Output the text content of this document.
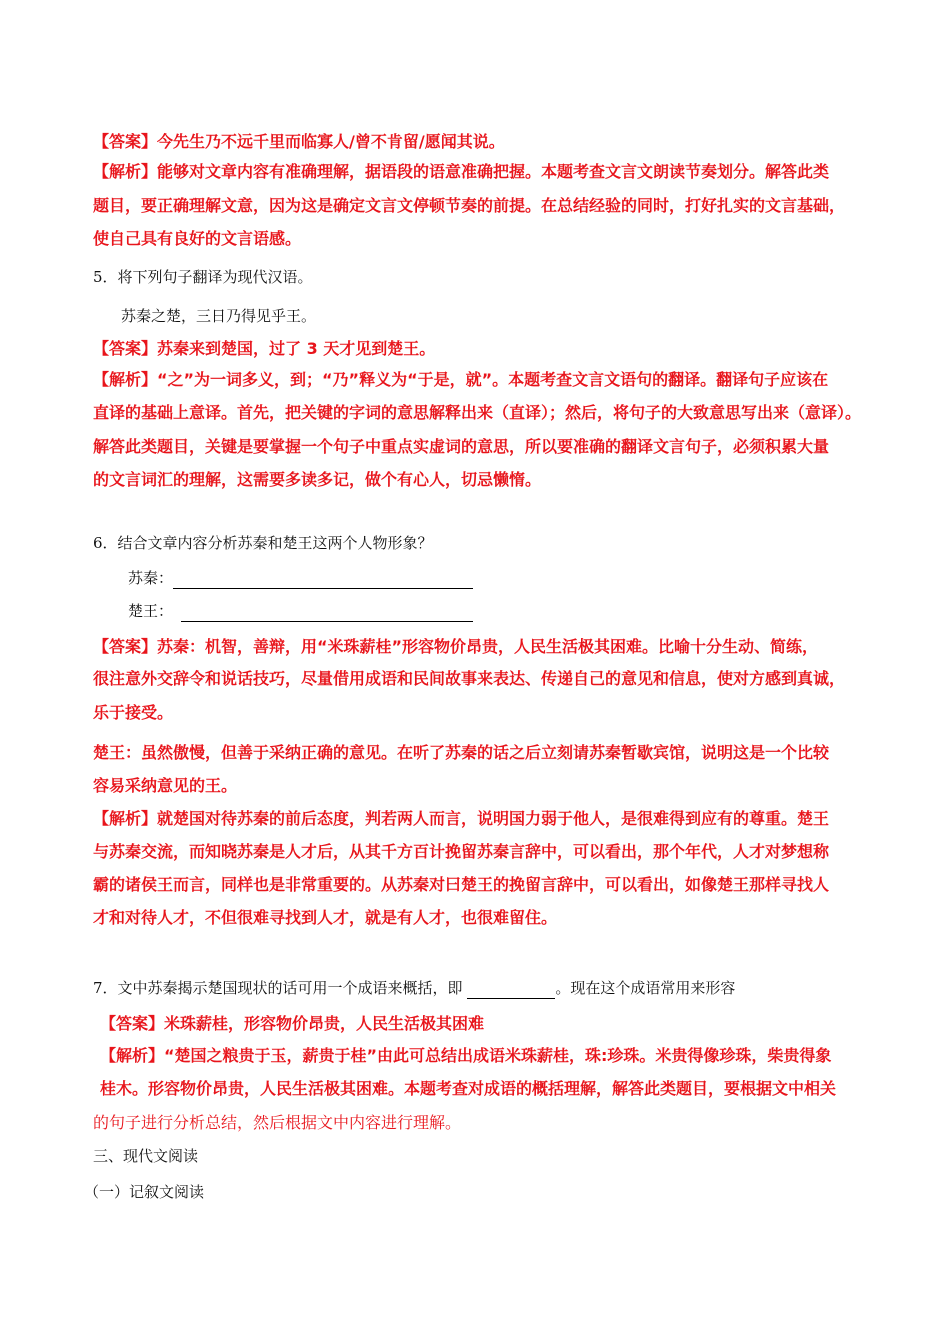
【答案】今先生乃不远千里而临寡人/曾不肯留/愿闻其说。
【解析】能够对文章内容有准确理解，据语段的语意准确把握。本题考查文言文朗读节奏划分。解答此类
题目，要正确理解文意，因为这是确定文言文停顿节奏的前提。在总结经验的同时，打好扎实的文言基础，
使自己具有良好的文言语感。
5．将下列句子翻译为现代汉语。
苏秦之楚，三日乃得见乎王。
【答案】苏秦来到楚国，过了 3 天才见到楚王。
【解析】“之”为一词多义，到；“乃”释义为“于是，就”。本题考查文言文语句的翻译。翻译句子应该在
直译的基础上意译。首先，把关键的字词的意思解释出来（直译）；然后，将句子的大致意思写出来（意译）。
解答此类题目，关键是要掌握一个句子中重点实虚词的意思，所以要准确的翻译文言句子，必须积累大量
的文言词汇的理解，这需要多读多记，做个有心人，切忌懒惰。
6．结合文章内容分析苏秦和楚王这两个人物形象？
苏秦：
楚王：
【答案】苏秦：机智，善辩，用“米珠薪桂”形容物价昂贵，人民生活极其困难。比喻十分生动、简练，
很注意外交辞令和说话技巧，尽量借用成语和民间故事来表达、传递自己的意见和信息，使对方感到真诚，
乐于接受。
楚王：虽然傲慢，但善于采纳正确的意见。在听了苏秦的话之后立刻请苏秦暂歇宾馆，说明这是一个比较
容易采纳意见的王。
【解析】就楚国对待苏秦的前后态度，判若两人而言，说明国力弱于他人，是很难得到应有的尊重。楚王
与苏秦交流，而知晓苏秦是人才后，从其千方百计挽留苏秦言辞中，可以看出，那个年代，人才对梦想称
霸的诸侯王而言，同样也是非常重要的。从苏秦对曰楚王的挽留言辞中，可以看出，如像楚王那样寻找人
才和对待人才，不但很难寻找到人才，就是有人才，也很难留住。
7．文中苏秦揭示楚国现状的话可用一个成语来概括，即	。现在这个成语常用来形容
【答案】米珠薪桂，形容物价昂贵，人民生活极其困难
【解析】“楚国之粮贵于玉，薪贵于桂”由此可总结出成语米珠薪桂，珠:珍珠。米贵得像珍珠，柴贵得象
桂木。形容物价昂贵，人民生活极其困难。本题考查对成语的概括理解，解答此类题目，要根据文中相关
的句子进行分析总结，然后根据文中内容进行理解。
三、现代文阅读
（一）记叙文阅读
